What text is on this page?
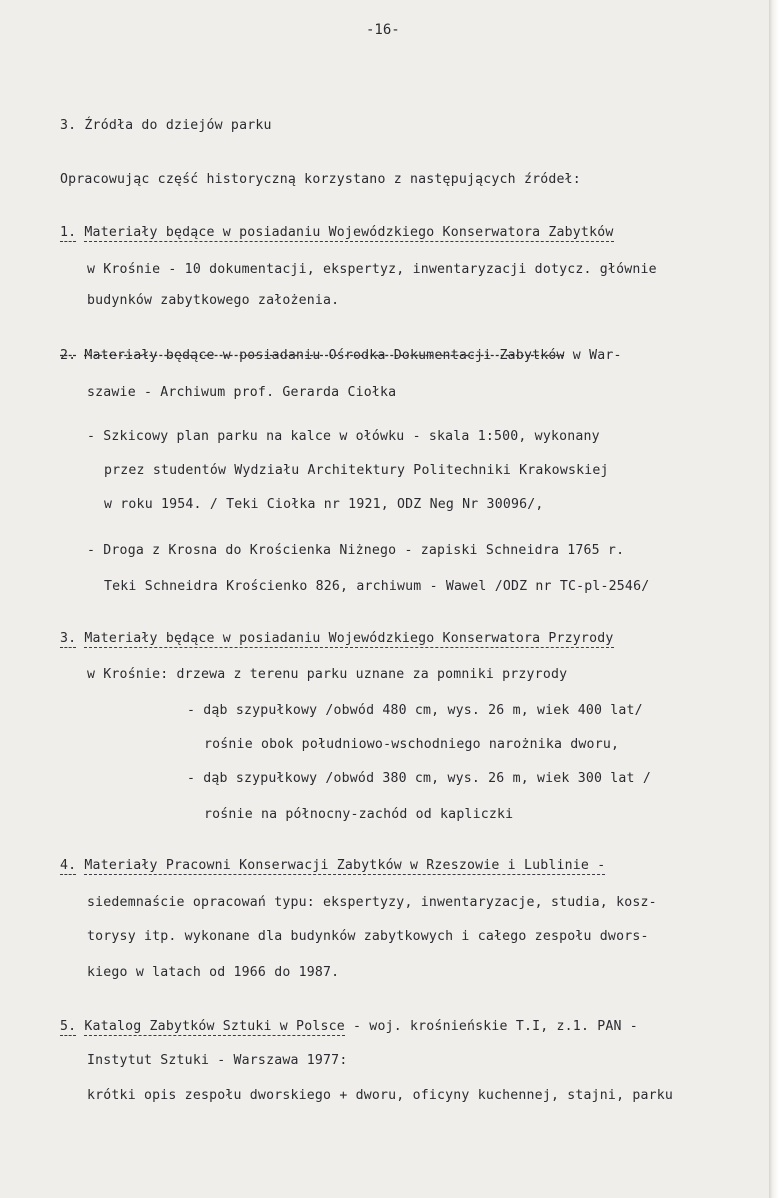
-16-
3. Źródła do dziejów parku
Opracowując część historyczną korzystano z następujących źródeł:
1. Materiały będące w posiadaniu Wojewódzkiego Konserwatora Zabytków
w Krośnie - 10 dokumentacji, ekspertyz, inwentaryzacji dotycz. głównie
budynków zabytkowego założenia.
2. Materiały będące w posiadaniu Ośrodka Dokumentacji Zabytków w War-
szawie - Archiwum prof. Gerarda Ciołka
- Szkicowy plan parku na kalce w ołówku - skala 1:500, wykonany
przez studentów Wydziału Architektury Politechniki Krakowskiej
w roku 1954. / Teki Ciołka nr 1921, ODZ Neg Nr 30096/,
- Droga z Krosna do Krościenka Niżnego - zapiski Schneidra 1765 r.
Teki Schneidra Krościenko 826, archiwum - Wawel /ODZ nr TC-pl-2546/
3. Materiały będące w posiadaniu Wojewódzkiego Konserwatora Przyrody
w Krośnie: drzewa z terenu parku uznane za pomniki przyrody
- dąb szypułkowy /obwód 480 cm, wys. 26 m, wiek 400 lat/
rośnie obok południowo-wschodniego narożnika dworu,
- dąb szypułkowy /obwód 380 cm, wys. 26 m, wiek 300 lat /
rośnie na północny-zachód od kapliczki
4. Materiały Pracowni Konserwacji Zabytków w Rzeszowie i Lublinie -
siedemnaście opracowań typu: ekspertyzy, inwentaryzacje, studia, kosz-
torysy itp. wykonane dla budynków zabytkowych i całego zespołu dwors-
kiego w latach od 1966 do 1987.
5. Katalog Zabytków Sztuki w Polsce - woj. krośnieńskie T.I, z.1. PAN -
Instytut Sztuki - Warszawa 1977:
krótki opis zespołu dworskiego + dworu, oficyny kuchennej, stajni, parku
